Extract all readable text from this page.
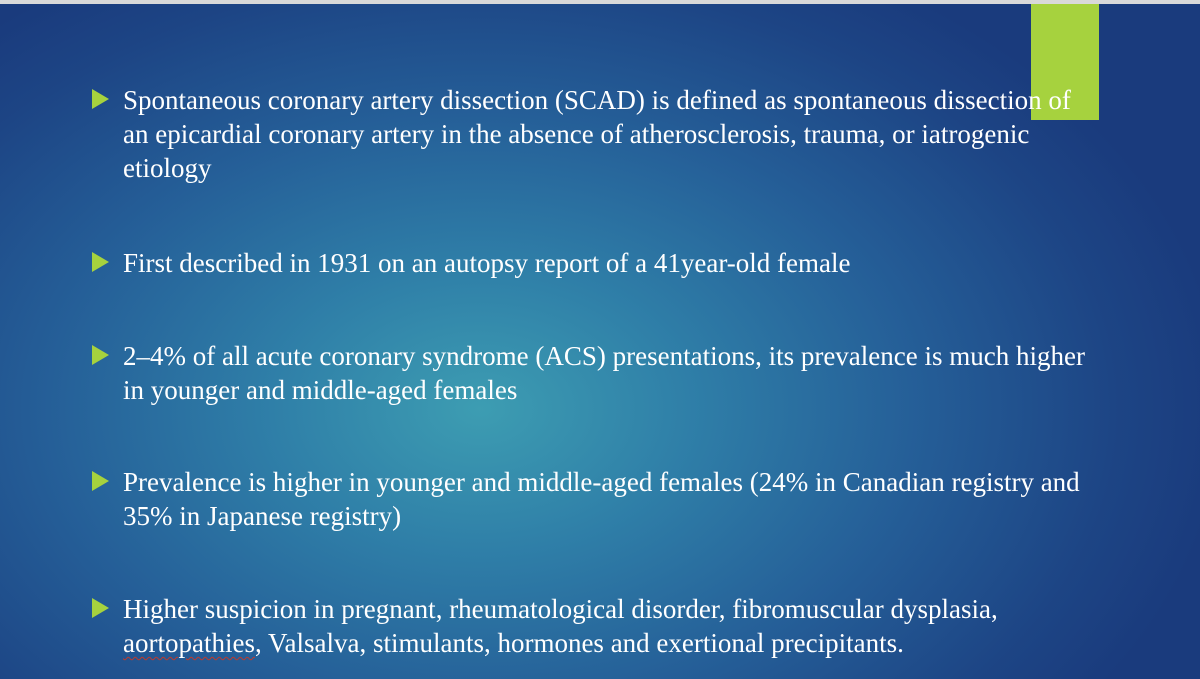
Spontaneous coronary artery dissection (SCAD) is defined as spontaneous dissection of an epicardial coronary artery in the absence of atherosclerosis, trauma, or iatrogenic etiology
First described in 1931 on an autopsy report of a 41year-old female
2–4% of all acute coronary syndrome (ACS) presentations, its prevalence is much higher in younger and middle-aged females
Prevalence is higher in younger and middle-aged females (24% in Canadian registry and 35% in Japanese registry)
Higher suspicion in pregnant, rheumatological disorder, fibromuscular dysplasia, aortopathies, Valsalva, stimulants, hormones and exertional precipitants.
